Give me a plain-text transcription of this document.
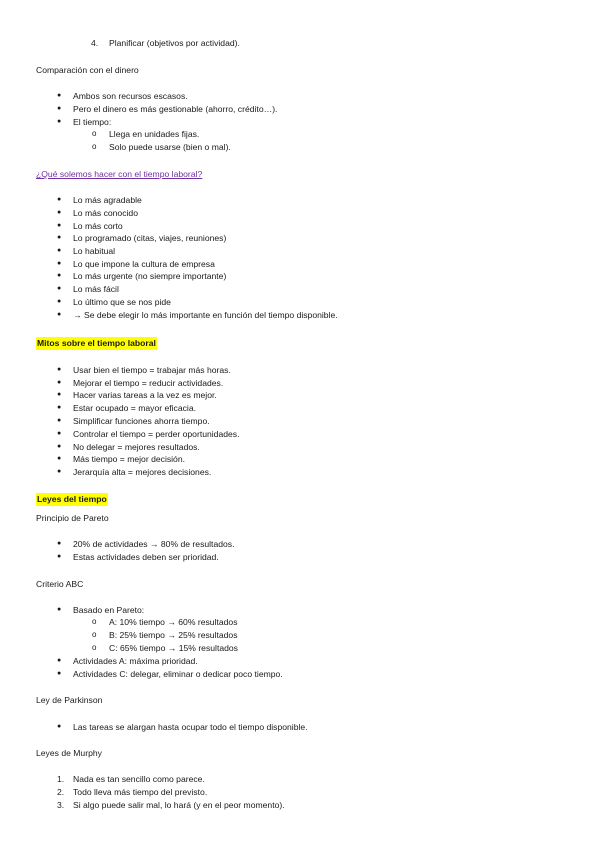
4. Planificar (objetivos por actividad).
Comparación con el dinero
● Ambos son recursos escasos.
● Pero el dinero es más gestionable (ahorro, crédito…).
● El tiempo:
o Llega en unidades fijas.
o Solo puede usarse (bien o mal).
¿Qué solemos hacer con el tiempo laboral?
● Lo más agradable
● Lo más conocido
● Lo más corto
● Lo programado (citas, viajes, reuniones)
● Lo habitual
● Lo que impone la cultura de empresa
● Lo más urgente (no siempre importante)
● Lo más fácil
● Lo último que se nos pide
● → Se debe elegir lo más importante en función del tiempo disponible.
Mitos sobre el tiempo laboral
● Usar bien el tiempo = trabajar más horas.
● Mejorar el tiempo = reducir actividades.
● Hacer varias tareas a la vez es mejor.
● Estar ocupado = mayor eficacia.
● Simplificar funciones ahorra tiempo.
● Controlar el tiempo = perder oportunidades.
● No delegar = mejores resultados.
● Más tiempo = mejor decisión.
● Jerarquía alta = mejores decisiones.
Leyes del tiempo
Principio de Pareto
● 20% de actividades → 80% de resultados.
● Estas actividades deben ser prioridad.
Criterio ABC
● Basado en Pareto:
o A: 10% tiempo → 60% resultados
o B: 25% tiempo → 25% resultados
o C: 65% tiempo → 15% resultados
● Actividades A: máxima prioridad.
● Actividades C: delegar, eliminar o dedicar poco tiempo.
Ley de Parkinson
● Las tareas se alargan hasta ocupar todo el tiempo disponible.
Leyes de Murphy
1. Nada es tan sencillo como parece.
2. Todo lleva más tiempo del previsto.
3. Si algo puede salir mal, lo hará (y en el peor momento).
